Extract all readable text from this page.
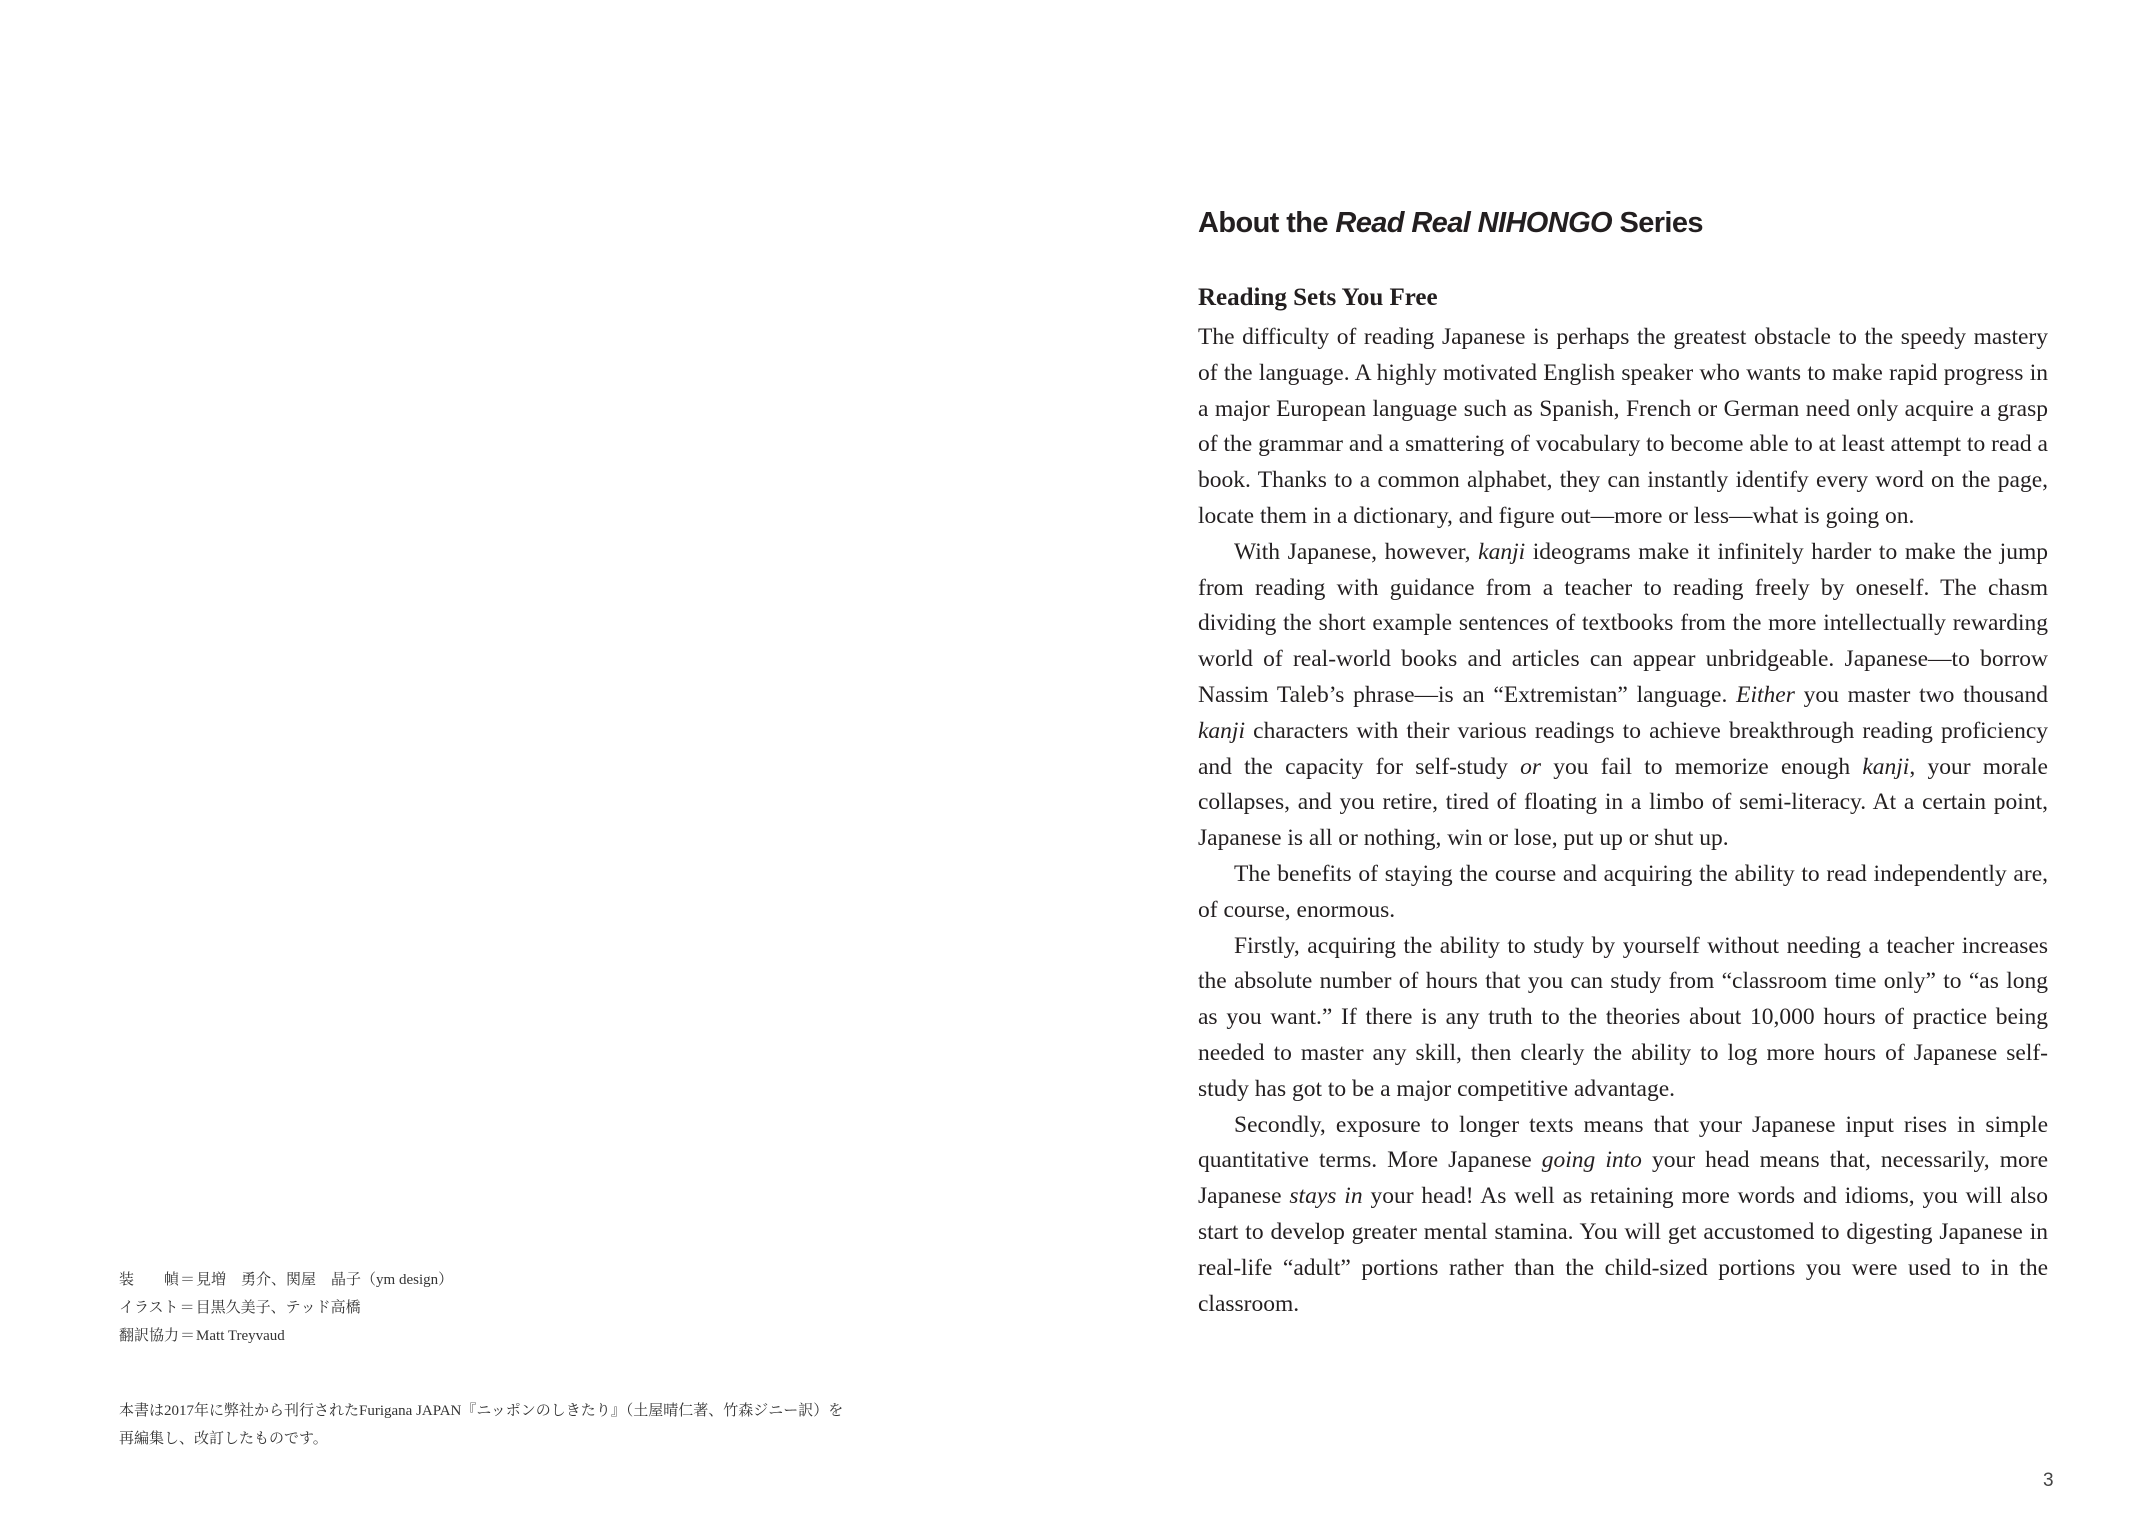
装　　幀＝見増　勇介、関屋　晶子（ym design）
イラスト＝目黒久美子、テッド高橋
翻訳協力＝Matt Treyvaud
本書は2017年に弊社から刊行されたFurigana JAPAN『ニッポンのしきたり』（土屋晴仁著、竹森ジニー訳）を
再編集し、改訂したものです。
About the Read Real NIHONGO Series
Reading Sets You Free

The difficulty of reading Japanese is perhaps the greatest obstacle to the speedy mastery of the language. A highly motivated English speaker who wants to make rapid progress in a major European language such as Spanish, French or German need only acquire a grasp of the grammar and a smattering of vocabulary to become able to at least attempt to read a book. Thanks to a common alphabet, they can instantly identify every word on the page, locate them in a dictionary, and figure out—more or less—what is going on.

With Japanese, however, kanji ideograms make it infinitely harder to make the jump from reading with guidance from a teacher to reading freely by oneself. The chasm dividing the short example sentences of textbooks from the more intellectually rewarding world of real-world books and articles can appear unbridgeable. Japanese—to borrow Nassim Taleb’s phrase—is an “Extremistan” language. Either you master two thousand kanji characters with their various readings to achieve breakthrough reading proficiency and the capacity for self-study or you fail to memorize enough kanji, your morale collapses, and you retire, tired of floating in a limbo of semi-literacy. At a certain point, Japanese is all or nothing, win or lose, put up or shut up.

The benefits of staying the course and acquiring the ability to read independently are, of course, enormous.

Firstly, acquiring the ability to study by yourself without needing a teacher increases the absolute number of hours that you can study from “classroom time only” to “as long as you want.” If there is any truth to the theories about 10,000 hours of practice being needed to master any skill, then clearly the ability to log more hours of Japanese self-study has got to be a major competitive advantage.

Secondly, exposure to longer texts means that your Japanese input rises in simple quantitative terms. More Japanese going into your head means that, necessarily, more Japanese stays in your head! As well as retaining more words and idioms, you will also start to develop greater mental stamina. You will get accustomed to digesting Japanese in real-life “adult” portions rather than the child-sized portions you were used to in the classroom.

3
